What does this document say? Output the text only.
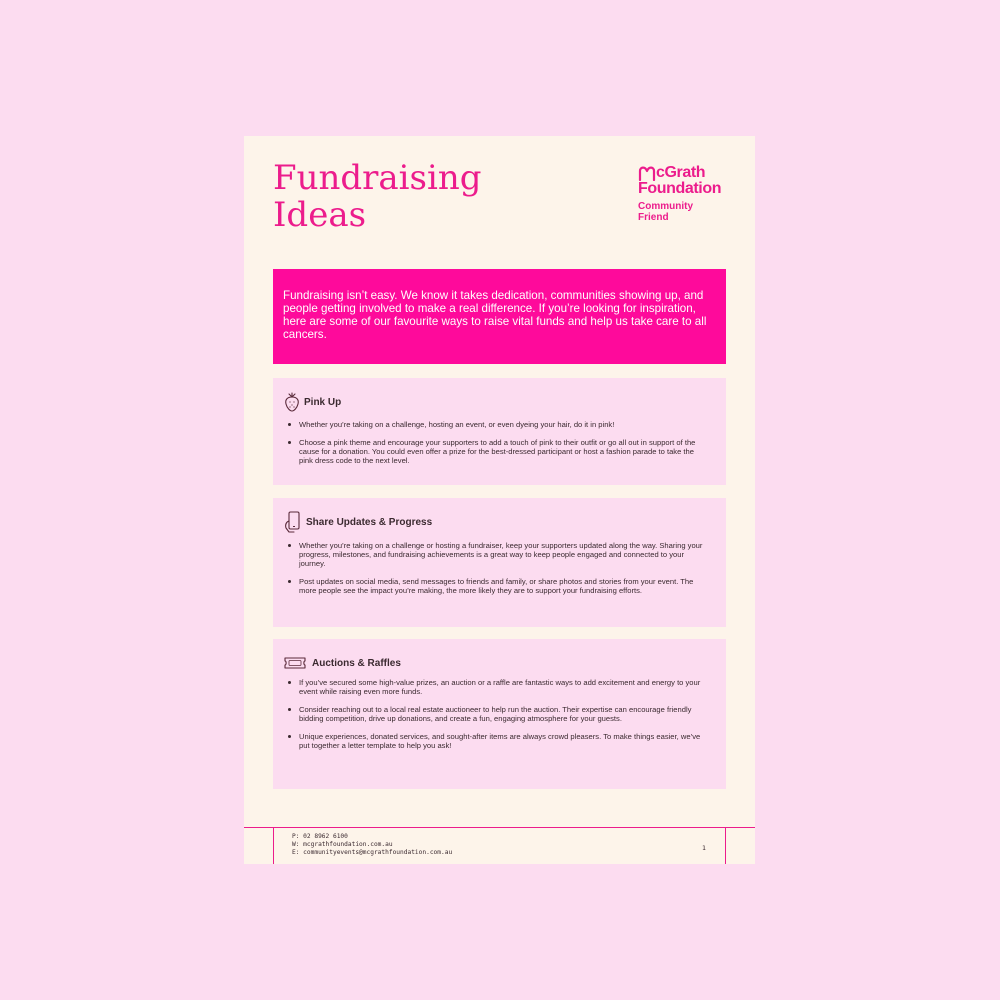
Fundraising
Ideas
cGrath
Foundation
Community
Friend
Fundraising isn’t easy. We know it takes dedication, communities showing up, and people getting involved to make a real difference. If you’re looking for inspiration, here are some of our favourite ways to raise vital funds and help us take care to all cancers.
Pink Up
Whether you’re taking on a challenge, hosting an event, or even dyeing your hair, do it in pink!
Choose a pink theme and encourage your supporters to add a touch of pink to their outfit or go all out in support of the cause for a donation. You could even offer a prize for the best-dressed participant or host a fashion parade to take the pink dress code to the next level.
Share Updates & Progress
Whether you’re taking on a challenge or hosting a fundraiser, keep your supporters updated along the way. Sharing your progress, milestones, and fundraising achievements is a great way to keep people engaged and connected to your journey.
Post updates on social media, send messages to friends and family, or share photos and stories from your event. The more people see the impact you’re making, the more likely they are to support your fundraising efforts.
Auctions & Raffles
If you’ve secured some high-value prizes, an auction or a raffle are fantastic ways to add excitement and energy to your event while raising even more funds.
Consider reaching out to a local real estate auctioneer to help run the auction. Their expertise can encourage friendly bidding competition, drive up donations, and create a fun, engaging atmosphere for your guests.
Unique experiences, donated services, and sought-after items are always crowd pleasers. To make things easier, we’ve put together a letter template to help you ask!
P: 02 8962 6100
W: mcgrathfoundation.com.au
E: communityevents@mcgrathfoundation.com.au
1
